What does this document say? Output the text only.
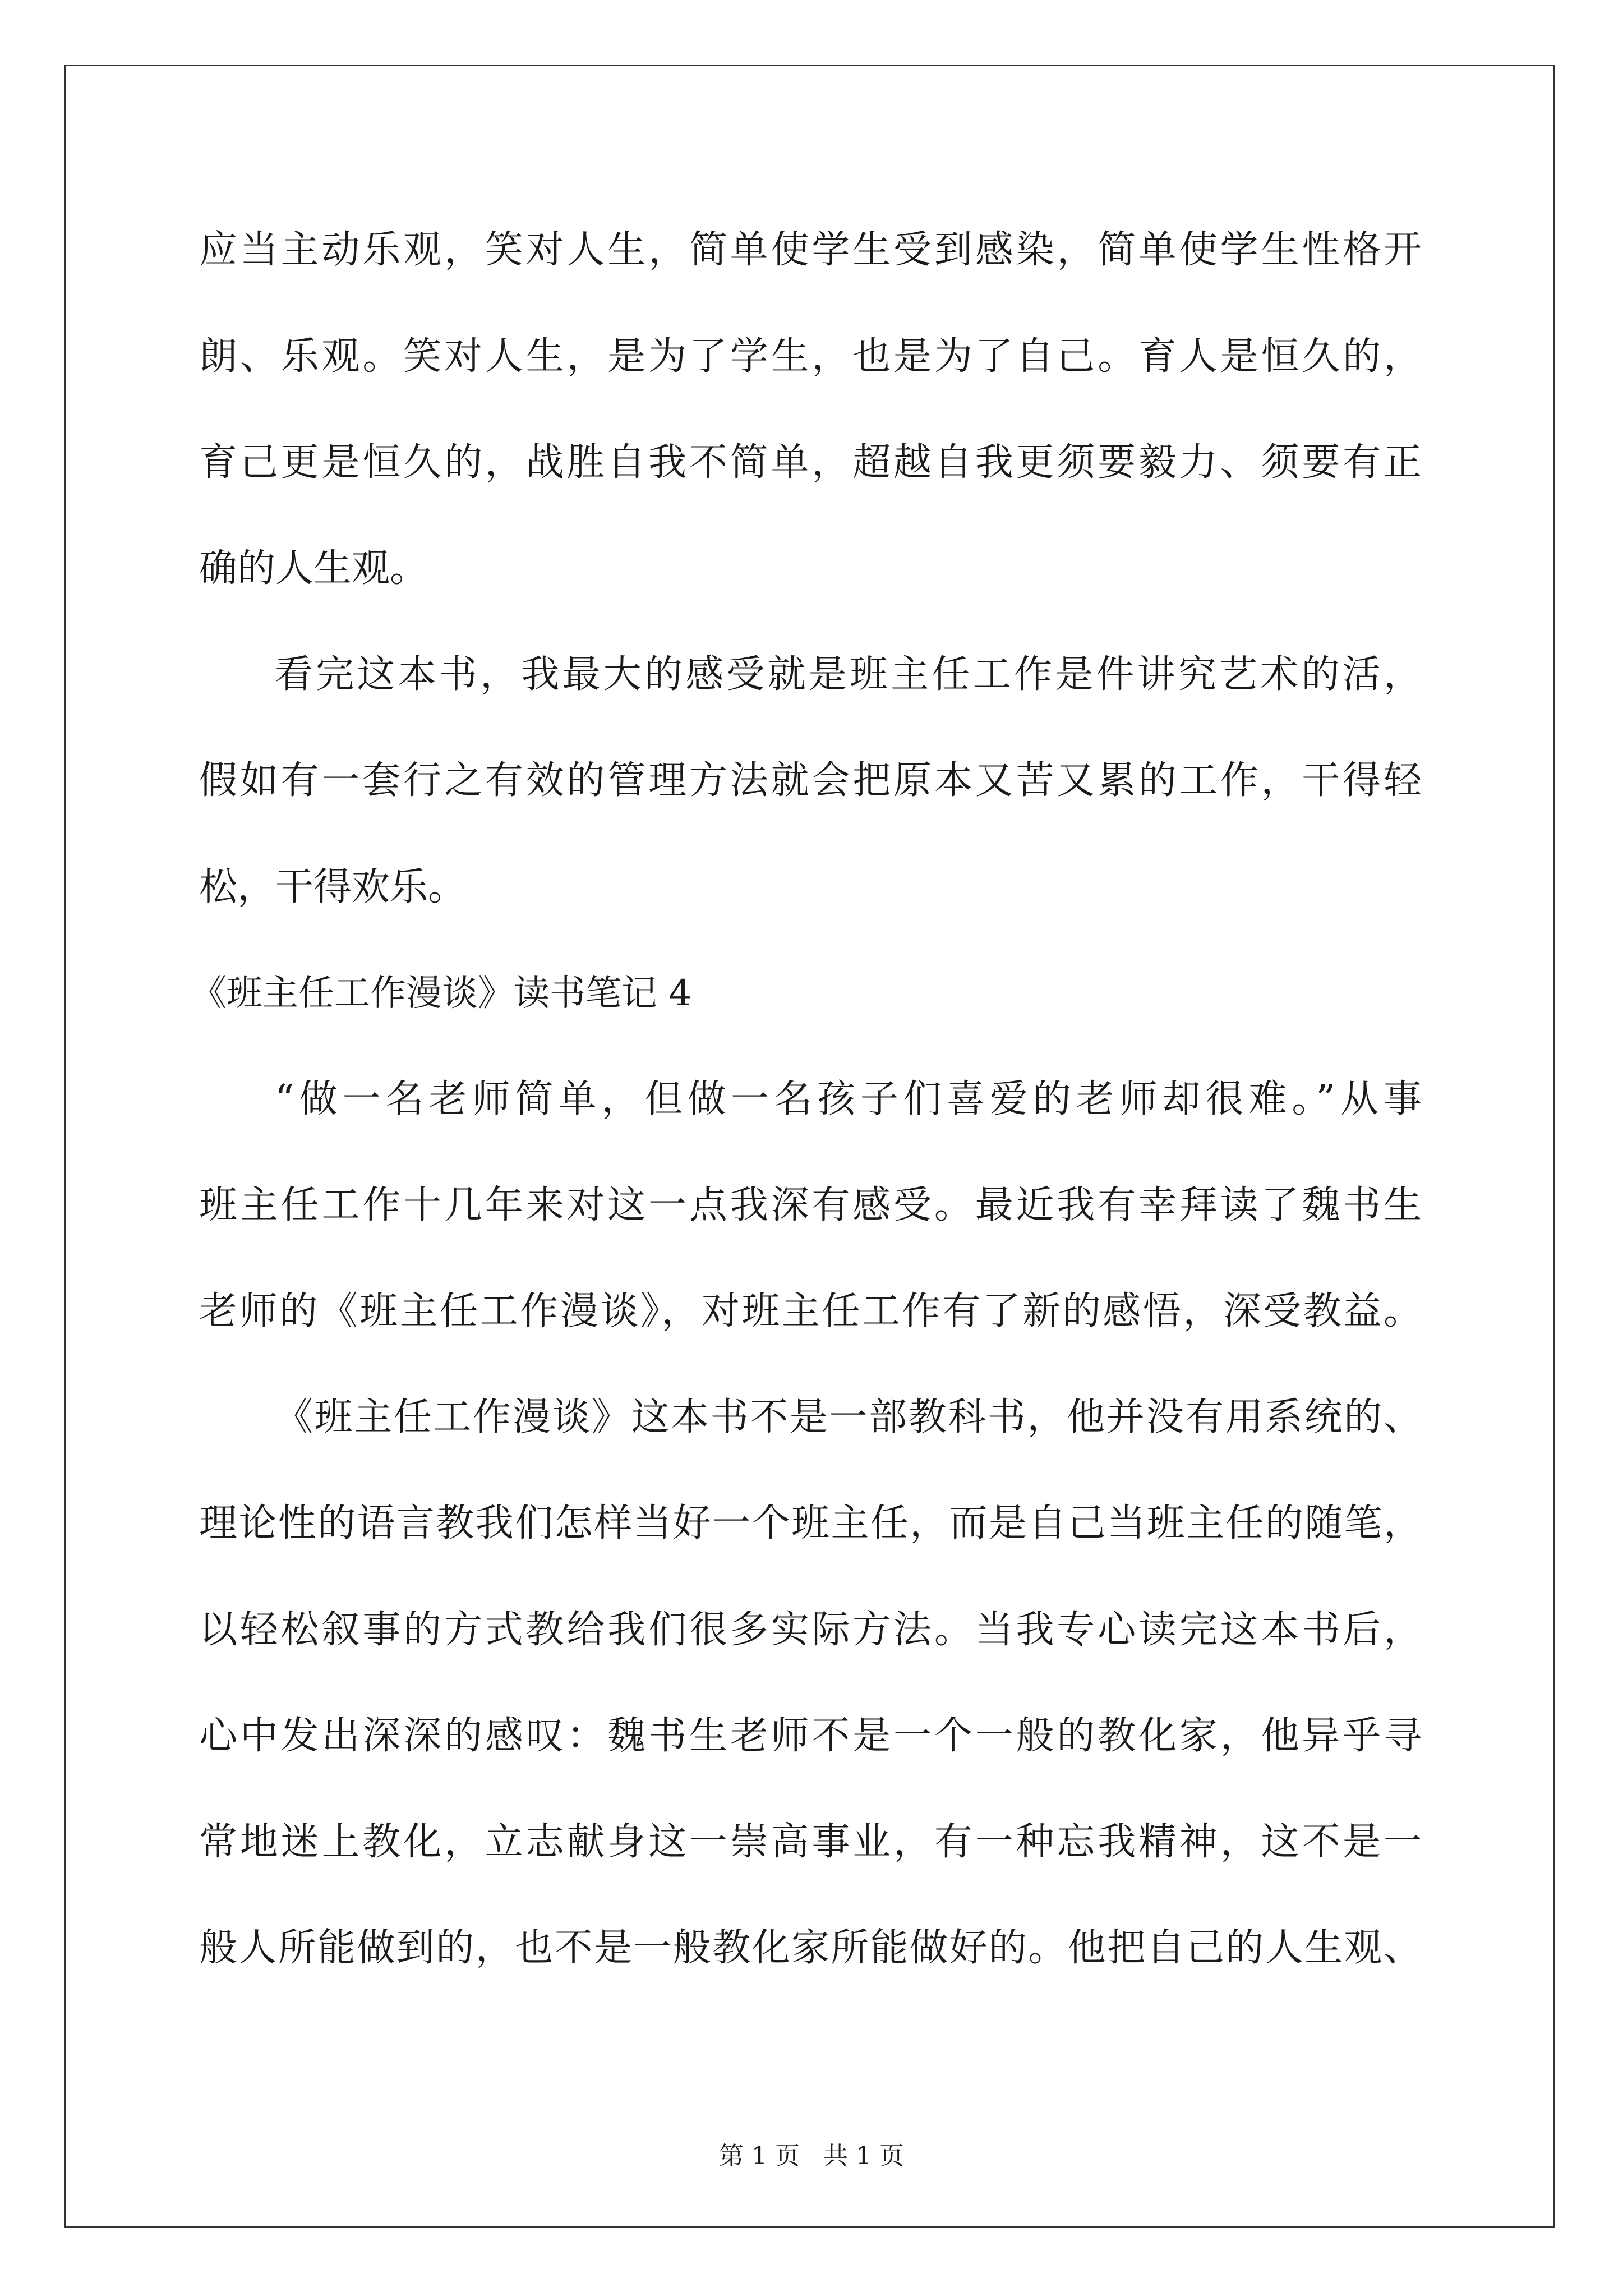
应当主动乐观，笑对人生，简单使学生受到感染，简单使学生性格开
朗、乐观。笑对人生，是为了学生，也是为了自己。育人是恒久的，
育己更是恒久的，战胜自我不简单，超越自我更须要毅力、须要有正
确的人生观。
看完这本书，我最大的感受就是班主任工作是件讲究艺术的活，
假如有一套行之有效的管理方法就会把原本又苦又累的工作，干得轻
松，干得欢乐。
《班主任工作漫谈》读书笔记 4
“做一名老师简单，但做一名孩子们喜爱的老师却很难。”从事
班主任工作十几年来对这一点我深有感受。最近我有幸拜读了魏书生
老师的《班主任工作漫谈》，对班主任工作有了新的感悟，深受教益。
《班主任工作漫谈》这本书不是一部教科书，他并没有用系统的、
理论性的语言教我们怎样当好一个班主任，而是自己当班主任的随笔，
以轻松叙事的方式教给我们很多实际方法。当我专心读完这本书后，
心中发出深深的感叹：魏书生老师不是一个一般的教化家，他异乎寻
常地迷上教化，立志献身这一崇高事业，有一种忘我精神，这不是一
般人所能做到的，也不是一般教化家所能做好的。他把自己的人生观、
第 1 页   共 1 页
